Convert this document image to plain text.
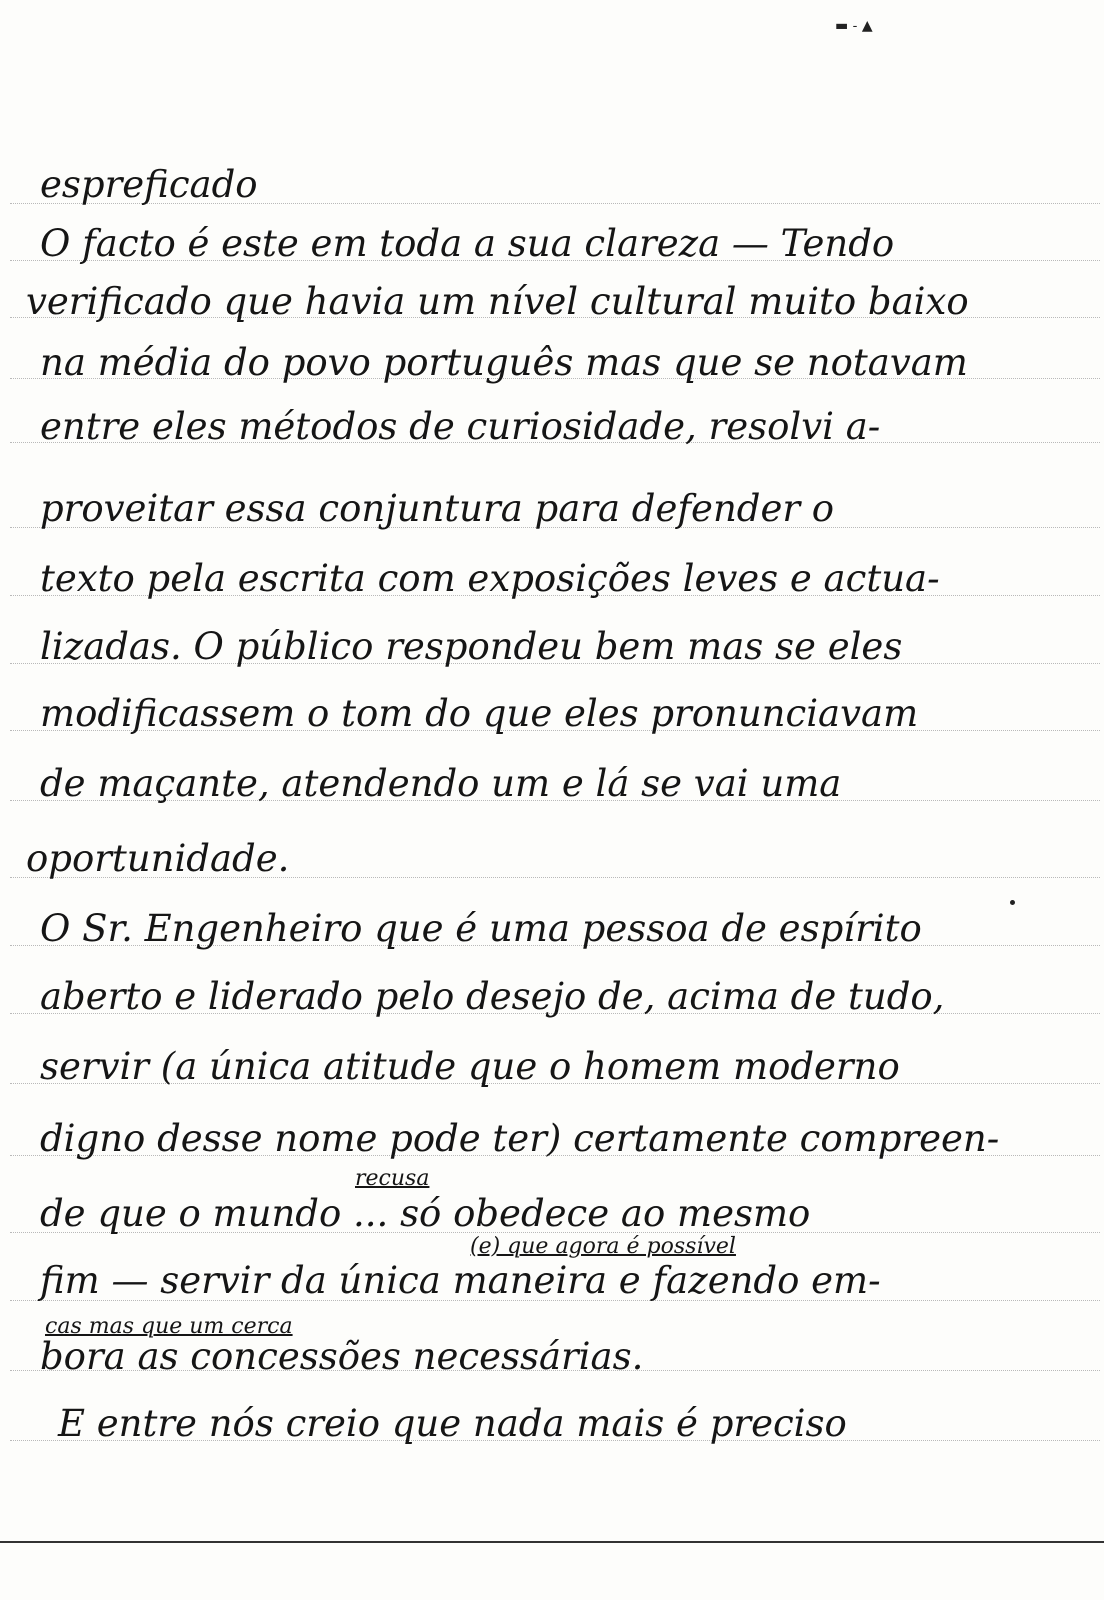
▬ - ▲
espreficado
O facto é este em toda a sua clareza — Tendo
verificado que havia um nível cultural muito baixo
na média do povo português mas que se notavam
entre eles métodos de curiosidade, resolvi a-
proveitar essa conjuntura para defender o
texto pela escrita com exposições leves e actua-
lizadas. O público respondeu bem mas se eles
modificassem o tom do que eles pronunciavam
de maçante, atendendo um e lá se vai uma
oportunidade.
O Sr. Engenheiro que é uma pessoa de espírito
aberto e liderado pelo desejo de, acima de tudo,
servir (a única atitude que o homem moderno
digno desse nome pode ter) certamente compreen-
recusa
de que o mundo ... só obedece ao mesmo
(e) que agora é possível
fim — servir da única maneira e fazendo em-
cas mas que um cerca
bora as concessões necessárias.
E entre nós creio que nada mais é preciso
